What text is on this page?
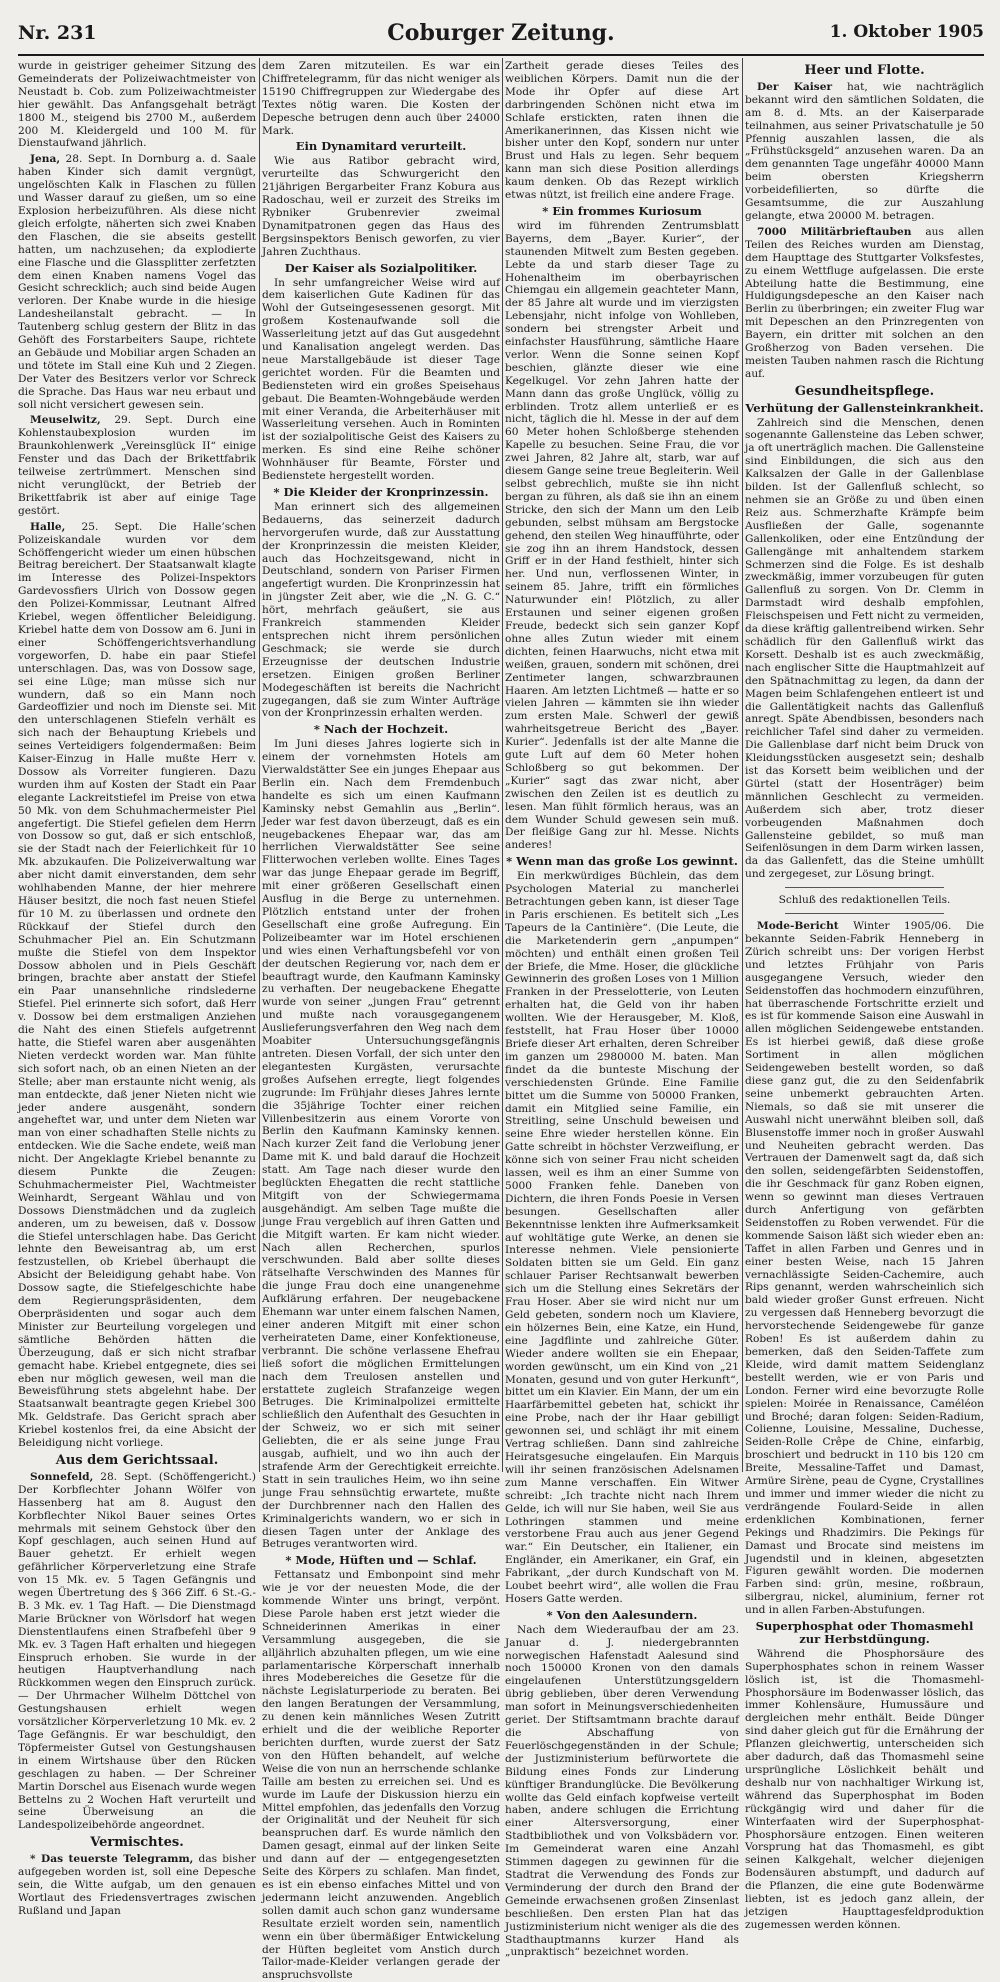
Nr. 231	Coburger Zeitung.	1. Oktober 1905

wurde in geistriger geheimer Sitzung des Gemeinderats der Polizeiwachtmeister von Neustadt b. Cob. zum Polizeiwachtmeister hier gewählt. Das Anfangsgehalt beträgt 1800 M., steigend bis 2700 M., außerdem 200 M. Kleidergeld und 100 M. für Dienstaufwand jährlich.

Jena, 28. Sept. In Dornburg a. d. Saale haben Kinder sich damit vergnügt, ungelöschten Kalk in Flaschen zu füllen und Wasser darauf zu gießen, um so eine Explosion herbeizuführen. Als diese nicht gleich erfolgte, näherten sich zwei Knaben den Flaschen, die sie abseits gestellt hatten, um nachzusehen; da explodierte eine Flasche und die Glassplitter zerfetzten dem einen Knaben namens Vogel das Gesicht schrecklich; auch sind beide Augen verloren. Der Knabe wurde in die hiesige Landesheilanstalt gebracht. — In Tautenberg schlug gestern der Blitz in das Gehöft des Forstarbeiters Saupe, richtete an Gebäude und Mobiliar argen Schaden an und tötete im Stall eine Kuh und 2 Ziegen. Der Vater des Besitzers verlor vor Schreck die Sprache. Das Haus war neu erbaut und soll nicht versichert gewesen sein.

Meuselwitz, 29. Sept. Durch eine Kohlenstaubexplosion wurden im Braunkohlenwerk „Vereinsglück II“ einige Fenster und das Dach der Brikettfabrik teilweise zertrümmert. Menschen sind nicht verunglückt, der Betrieb der Brikettfabrik ist aber auf einige Tage gestört.

Halle, 25. Sept. Die Halle’schen Polizeiskandale wurden vor dem Schöffengericht wieder um einen hübschen Beitrag bereichert. Der Staatsanwalt klagte im Interesse des Polizei-Inspektors Gardevossfiers Ulrich von Dossow gegen den Polizei-Kommissar, Leutnant Alfred Kriebel, wegen öffentlicher Beleidigung. Kriebel hatte dem von Dossow am 6. Juni in einer Schöffengerichtsverhandlung vorgeworfen, D. habe ein paar Stiefel unterschlagen. Das, was von Dossow sage, sei eine Lüge; man müsse sich nur wundern, daß so ein Mann noch Gardeoffizier und noch im Dienste sei. Mit den unterschlagenen Stiefeln verhält es sich nach der Behauptung Kriebels und seines Verteidigers folgendermaßen: Beim Kaiser-Einzug in Halle mußte Herr v. Dossow als Vorreiter fungieren. Dazu wurden ihm auf Kosten der Stadt ein Paar elegante Lackreitstiefel im Preise von etwa 50 Mk. von dem Schuhmachermeister Piel angefertigt. Die Stiefel gefielen dem Herrn von Dossow so gut, daß er sich entschloß, sie der Stadt nach der Feierlichkeit für 10 Mk. abzukaufen. Die Polizeiverwaltung war aber nicht damit einverstanden, dem sehr wohlhabenden Manne, der hier mehrere Häuser besitzt, die noch fast neuen Stiefel für 10 M. zu überlassen und ordnete den Rückkauf der Stiefel durch den Schuhmacher Piel an. Ein Schutzmann mußte die Stiefel von dem Inspektor Dossow abholen und in Piels Geschäft bringen, brachte aber anstatt der Stiefel ein Paar unansehnliche rindslederne Stiefel. Piel erinnerte sich sofort, daß Herr v. Dossow bei dem erstmaligen Anziehen die Naht des einen Stiefels aufgetrennt hatte, die Stiefel waren aber ausgenähten Nieten verdeckt worden war. Man fühlte sich sofort nach, ob an einen Nieten an der Stelle; aber man erstaunte nicht wenig, als man entdeckte, daß jener Nieten nicht wie jeder andere ausgenäht, sondern angeheftet war, und unter dem Nieten war man von einer schadhaften Stelle nichts zu entdecken. Wie die Sache endete, weiß man nicht. Der Angeklagte Kriebel benannte zu diesem Punkte die Zeugen: Schuhmachermeister Piel, Wachtmeister Weinhardt, Sergeant Wählau und von Dossows Dienstmädchen und da zugleich anderen, um zu beweisen, daß v. Dossow die Stiefel unterschlagen habe. Das Gericht lehnte den Beweisantrag ab, um erst festzustellen, ob Kriebel überhaupt die Absicht der Beleidigung gehabt habe. Von Dossow sagte, die Stiefelgeschichte habe dem Regierungspräsidenten, dem Oberpräsidenten und sogar auch dem Minister zur Beurteilung vorgelegen und sämtliche Behörden hätten die Überzeugung, daß er sich nicht strafbar gemacht habe. Kriebel entgegnete, dies sei eben nur möglich gewesen, weil man die Beweisführung stets abgelehnt habe. Der Staatsanwalt beantragte gegen Kriebel 300 Mk. Geldstrafe. Das Gericht sprach aber Kriebel kostenlos frei, da eine Absicht der Beleidigung nicht vorliege.

Aus dem Gerichtssaal.

Sonnefeld, 28. Sept. (Schöffengericht.) Der Korbflechter Johann Wölfer von Hassenberg hat am 8. August den Korbflechter Nikol Bauer seines Ortes mehrmals mit seinem Gehstock über den Kopf geschlagen, auch seinen Hund auf Bauer gehetzt. Er erhielt wegen gefährlicher Körperverletzung eine Strafe von 15 Mk. ev. 5 Tagen Gefängnis und wegen Übertretung des § 366 Ziff. 6 St.-G.-B. 3 Mk. ev. 1 Tag Haft. — Die Dienstmagd Marie Brückner von Wörlsdorf hat wegen Dienstentlaufens einen Strafbefehl über 9 Mk. ev. 3 Tagen Haft erhalten und hiegegen Einspruch erhoben. Sie wurde in der heutigen Hauptverhandlung nach Rückkommen wegen den Einspruch zurück. — Der Uhrmacher Wilhelm Döttchel von Gestungshausen erhielt wegen vorsätzlicher Körperverletzung 10 Mk. ev. 2 Tage Gefängnis. Er war beschuldigt, den Töpfermeister Gutsel von Gestungshausen in einem Wirtshause über den Rücken geschlagen zu haben. — Der Schreiner Martin Dorschel aus Eisenach wurde wegen Bettelns zu 2 Wochen Haft verurteilt und seine Überweisung an die Landespolizeibehörde angeordnet.

Vermischtes.

* Das teuerste Telegramm, das bisher aufgegeben worden ist, soll eine Depesche sein, die Witte aufgab, um den genauen Wortlaut des Friedensvertrages zwischen Rußland und Japan

dem Zaren mitzuteilen. Es war ein Chiffretelegramm, für das nicht weniger als 15190 Chiffregruppen zur Wiedergabe des Textes nötig waren. Die Kosten der Depesche betrugen denn auch über 24000 Mark.

Ein Dynamitard verurteilt.

Wie aus Ratibor gebracht wird, verurteilte das Schwurgericht den 21jährigen Bergarbeiter Franz Kobura aus Radoschau, weil er zurzeit des Streiks im Rybniker Grubenrevier zweimal Dynamitpatronen gegen das Haus des Bergsinspektors Benisch geworfen, zu vier Jahren Zuchthaus.

Der Kaiser als Sozialpolitiker.

In sehr umfangreicher Weise wird auf dem kaiserlichen Gute Kadinen für das Wohl der Gutseingesessenen gesorgt. Mit großem Kostenaufwande soll die Wasserleitung jetzt auf das Gut ausgedehnt und Kanalisation angelegt werden. Das neue Marstallgebäude ist dieser Tage gerichtet worden. Für die Beamten und Bediensteten wird ein großes Speisehaus gebaut. Die Beamten-Wohngebäude werden mit einer Veranda, die Arbeiterhäuser mit Wasserleitung versehen. Auch in Rominten ist der sozialpolitische Geist des Kaisers zu merken. Es sind eine Reihe schöner Wohnhäuser für Beamte, Förster und Bedienstete hergestellt worden.

* Die Kleider der Kronprinzessin.

Man erinnert sich des allgemeinen Bedauerns, das seinerzeit dadurch hervorgerufen wurde, daß zur Ausstattung der Kronprinzessin die meisten Kleider, auch das Hochzeitsgewand, nicht in Deutschland, sondern von Pariser Firmen angefertigt wurden. Die Kronprinzessin hat in jüngster Zeit aber, wie die „N. G. C.“ hört, mehrfach geäußert, sie aus Frankreich stammenden Kleider entsprechen nicht ihrem persönlichen Geschmack; sie werde sie durch Erzeugnisse der deutschen Industrie ersetzen. Einigen großen Berliner Modegeschäften ist bereits die Nachricht zugegangen, daß sie zum Winter Aufträge von der Kronprinzessin erhalten werden.

* Nach der Hochzeit.

Im Juni dieses Jahres logierte sich in einem der vornehmsten Hotels am Vierwaldstätter See ein junges Ehepaar aus Berlin ein. Nach dem Fremdenbuch handelte es sich um einen Kaufmann Kaminsky nebst Gemahlin aus „Berlin“. Jeder war fest davon überzeugt, daß es ein neugebackenes Ehepaar war, das am herrlichen Vierwaldstätter See seine Flitterwochen verleben wollte. Eines Tages war das junge Ehepaar gerade im Begriff, mit einer größeren Gesellschaft einen Ausflug in die Berge zu unternehmen. Plötzlich entstand unter der frohen Gesellschaft eine große Aufregung. Ein Polizeibeamter war im Hotel erschienen und wies einen Verhaftungsbefehl vor von der deutschen Regierung vor, nach dem er beauftragt wurde, den Kaufmann Kaminsky zu verhaften. Der neugebackene Ehegatte wurde von seiner „jungen Frau“ getrennt und mußte nach vorausgegangenem Auslieferungsverfahren den Weg nach dem Moabiter Untersuchungsgefängnis antreten. Diesen Vorfall, der sich unter den elegantesten Kurgästen, verursachte großes Aufsehen erregte, liegt folgendes zugrunde: Im Frühjahr dieses Jahres lernte die 35jährige Tochter einer reichen Villenbesitzerin aus einem Vororte von Berlin den Kaufmann Kaminsky kennen. Nach kurzer Zeit fand die Verlobung jener Dame mit K. und bald darauf die Hochzeit statt. Am Tage nach dieser wurde den beglückten Ehegatten die recht stattliche Mitgift von der Schwiegermama ausgehändigt. Am selben Tage mußte die junge Frau vergeblich auf ihren Gatten und die Mitgift warten. Er kam nicht wieder. Nach allen Recherchen, spurlos verschwunden. Bald aber sollte dieses rätselhafte Verschwinden des Mannes für die junge Frau doch eine unangenehme Aufklärung erfahren. Der neugebackene Ehemann war unter einem falschen Namen, einer anderen Mitgift mit einer schon verheirateten Dame, einer Konfektioneuse, verbrannt. Die schöne verlassene Ehefrau ließ sofort die möglichen Ermittelungen nach dem Treulosen anstellen und erstattete zugleich Strafanzeige wegen Betruges. Die Kriminalpolizei ermittelte schließlich den Aufenthalt des Gesuchten in der Schweiz, wo er sich mit seiner Geliebten, die er als seine junge Frau ausgab, aufhielt, und wo ihn auch der strafende Arm der Gerechtigkeit erreichte. Statt in sein trauliches Heim, wo ihn seine junge Frau sehnsüchtig erwartete, mußte der Durchbrenner nach den Hallen des Kriminalgerichts wandern, wo er sich in diesen Tagen unter der Anklage des Betruges verantworten wird.

* Mode, Hüften und — Schlaf.

Fettansatz und Embonpoint sind mehr wie je vor der neuesten Mode, die der kommende Winter uns bringt, verpönt. Diese Parole haben erst jetzt wieder die Schneiderinnen Amerikas in einer Versammlung ausgegeben, die sie alljährlich abzuhalten pflegen, um wie eine parlamentarische Körperschaft innerhalb ihres Modebereiches die Gesetze für die nächste Legislaturperiode zu beraten. Bei den langen Beratungen der Versammlung, zu denen kein männliches Wesen Zutritt erhielt und die der weibliche Reporter berichten durften, wurde zuerst der Satz von den Hüften behandelt, auf welche Weise die von nun an herrschende schlanke Taille am besten zu erreichen sei. Und es wurde im Laufe der Diskussion hierzu ein Mittel empfohlen, das jedenfalls den Vorzug der Originalität und der Neuheit für sich beanspruchen darf. Es wurde nämlich den Damen gesagt, einmal auf der linken Seite und dann auf der — entgegengesetzten Seite des Körpers zu schlafen. Man findet, es ist ein ebenso einfaches Mittel und von jedermann leicht anzuwenden. Angeblich sollen damit auch schon ganz wundersame Resultate erzielt worden sein, namentlich wenn ein über übermäßiger Entwickelung der Hüften begleitet vom Anstich durch Tailor-made-Kleider verlangen gerade der anspruchsvollste

Zartheit gerade dieses Teiles des weiblichen Körpers. Damit nun die der Mode ihr Opfer auf diese Art darbringenden Schönen nicht etwa im Schlafe erstickten, raten ihnen die Amerikanerinnen, das Kissen nicht wie bisher unter den Kopf, sondern nur unter Brust und Hals zu legen. Sehr bequem kann man sich diese Position allerdings kaum denken. Ob das Rezept wirklich etwas nützt, ist freilich eine andere Frage.

* Ein frommes Kuriosum

wird im führenden Zentrumsblatt Bayerns, dem „Bayer. Kurier“, der staunenden Mitwelt zum Besten gegeben. Lebte da und starb dieser Tage zu Hohenaltheim im oberbayrischen Chiemgau ein allgemein geachteter Mann, der 85 Jahre alt wurde und im vierzigsten Lebensjahr, nicht infolge von Wohlleben, sondern bei strengster Arbeit und einfachster Hausführung, sämtliche Haare verlor. Wenn die Sonne seinen Kopf beschien, glänzte dieser wie eine Kegelkugel. Vor zehn Jahren hatte der Mann dann das große Unglück, völlig zu erblinden. Trotz allem unterließ er es nicht, täglich die hl. Messe in der auf dem 60 Meter hohen Schloßberge stehenden Kapelle zu besuchen. Seine Frau, die vor zwei Jahren, 82 Jahre alt, starb, war auf diesem Gange seine treue Begleiterin. Weil selbst gebrechlich, mußte sie ihn nicht bergan zu führen, als daß sie ihn an einem Stricke, den sich der Mann um den Leib gebunden, selbst mühsam am Bergstocke gehend, den steilen Weg hinaufführte, oder sie zog ihn an ihrem Handstock, dessen Griff er in der Hand festhielt, hinter sich her. Und nun, verflossenen Winter, in seinem 85. Jahre, trifft ein förmliches Naturwunder ein! Plötzlich, zu aller Erstaunen und seiner eigenen großen Freude, bedeckt sich sein ganzer Kopf ohne alles Zutun wieder mit einem dichten, feinen Haarwuchs, nicht etwa mit weißen, grauen, sondern mit schönen, drei Zentimeter langen, schwarzbraunen Haaren. Am letzten Lichtmeß — hatte er so vielen Jahren — kämmten sie ihn wieder zum ersten Male. Schwerl der gewiß wahrheitsgetreue Bericht des „Bayer. Kurier“. Jedenfalls ist der alte Manne die gute Luft auf dem 60 Meter hohen Schloßberg so gut bekommen. Der „Kurier“ sagt das zwar nicht, aber zwischen den Zeilen ist es deutlich zu lesen. Man fühlt förmlich heraus, was an dem Wunder Schuld gewesen sein muß. Der fleißige Gang zur hl. Messe. Nichts anderes!

* Wenn man das große Los gewinnt.

Ein merkwürdiges Büchlein, das dem Psychologen Material zu mancherlei Betrachtungen geben kann, ist dieser Tage in Paris erschienen. Es betitelt sich „Les Tapeurs de la Cantinière“. (Die Leute, die die Marketenderin gern „anpumpen“ möchten) und enthält einen großen Teil der Briefe, die Mme. Hoser, die glückliche Gewinnerin des großen Loses von 1 Million Franken in der Presselotterie, von Leuten erhalten hat, die Geld von ihr haben wollten. Wie der Herausgeber, M. Kloß, feststellt, hat Frau Hoser über 10000 Briefe dieser Art erhalten, deren Schreiber im ganzen um 2980000 M. baten. Man findet da die bunteste Mischung der verschiedensten Gründe. Eine Familie bittet um die Summe von 50000 Franken, damit ein Mitglied seine Familie, ein Streitling, seine Unschuld beweisen und seine Ehre wieder herstellen könne. Ein Gatte schreibt in höchster Verzweiflung, er könne sich von seiner Frau nicht scheiden lassen, weil es ihm an einer Summe von 5000 Franken fehle. Daneben von Dichtern, die ihren Fonds Poesie in Versen besungen. Gesellschaften aller Bekenntnisse lenkten ihre Aufmerksamkeit auf wohltätige gute Werke, an denen sie Interesse nehmen. Viele pensionierte Soldaten bitten sie um Geld. Ein ganz schlauer Pariser Rechtsanwalt bewerben sich um die Stellung eines Sekretärs der Frau Hoser. Aber sie wird nicht nur um Geld gebeten, sondern noch um Klaviere, ein hölzernes Bein, eine Katze, ein Hund, eine Jagdflinte und zahlreiche Güter. Wieder andere wollten sie ein Ehepaar, worden gewünscht, um ein Kind von „21 Monaten, gesund und von guter Herkunft“, bittet um ein Klavier. Ein Mann, der um ein Haarfärbemittel gebeten hat, schickt ihr eine Probe, nach der ihr Haar gebilligt gewonnen sei, und schlägt ihr mit einem Vertrag schließen. Dann sind zahlreiche Heiratsgesuche eingelaufen. Ein Marquis will ihr seinen französischen Adelsnamen zum Manne verschaffen. Ein Witwer schreibt: „Ich trachte nicht nach Ihrem Gelde, ich will nur Sie haben, weil Sie aus Lothringen stammen und meine verstorbene Frau auch aus jener Gegend war.“ Ein Deutscher, ein Italiener, ein Engländer, ein Amerikaner, ein Graf, ein Fabrikant, „der durch Kundschaft von M. Loubet beehrt wird“, alle wollen die Frau Hosers Gatte werden.

* Von den Aalesundern.

Nach dem Wiederaufbau der am 23. Januar d. J. niedergebrannten norwegischen Hafenstadt Aalesund sind noch 150000 Kronen von den damals eingelaufenen Unterstützungsgeldern übrig geblieben, über deren Verwendung man sofort in Meinungsverschiedenheiten geriet. Der Stiftsamtmann brachte darauf die Abschaffung von Feuerlöschgegenständen in der Schule; der Justizministerium befürwortete die Bildung eines Fonds zur Linderung künftiger Brandunglücke. Die Bevölkerung wollte das Geld einfach kopfweise verteilt haben, andere schlugen die Errichtung einer Altersversorgung, einer Stadtbibliothek und von Volksbädern vor. Im Gemeinderat waren eine Anzahl Stimmen dagegen zu gewinnen für die Stadtrat die Verwendung des Fonds zur Verminderung der durch den Brand der Gemeinde erwachsenen großen Zinsenlast beschließen. Den ersten Plan hat das Justizministerium nicht weniger als die des Stadthauptmanns kurzer Hand als „unpraktisch“ bezeichnet worden.

Heer und Flotte.

Der Kaiser hat, wie nachträglich bekannt wird den sämtlichen Soldaten, die am 8. d. Mts. an der Kaiserparade teilnahmen, aus seiner Privatschatulle je 50 Pfennig auszahlen lassen, die als „Frühstücksgeld“ anzusehen waren. Da an dem genannten Tage ungefähr 40000 Mann beim obersten Kriegsherrn vorbeidefilierten, so dürfte die Gesamtsumme, die zur Auszahlung gelangte, etwa 20000 M. betragen.

7000 Militärbrieftauben aus allen Teilen des Reiches wurden am Dienstag, dem Haupttage des Stuttgarter Volksfestes, zu einem Wettfluge aufgelassen. Die erste Abteilung hatte die Bestimmung, eine Huldigungsdepesche an den Kaiser nach Berlin zu überbringen; ein zweiter Flug war mit Depeschen an den Prinzregenten von Bayern, ein dritter mit solchen an den Großherzog von Baden versehen. Die meisten Tauben nahmen rasch die Richtung auf.

Gesundheitspflege.
Verhütung der Gallensteinkrankheit.

Zahlreich sind die Menschen, denen sogenannte Gallensteine das Leben schwer, ja oft unerträglich machen. Die Gallensteine sind Einbildungen, die sich aus den Kalksalzen der Galle in der Gallenblase bilden. Ist der Gallenfluß schlecht, so nehmen sie an Größe zu und üben einen Reiz aus. Schmerzhafte Krämpfe beim Ausfließen der Galle, sogenannte Gallenkoliken, oder eine Entzündung der Gallengänge mit anhaltendem starkem Schmerzen sind die Folge. Es ist deshalb zweckmäßig, immer vorzubeugen für guten Gallenfluß zu sorgen. Von Dr. Clemm in Darmstadt wird deshalb empfohlen, Fleischspeisen und Fett nicht zu vermeiden, da diese kräftig gallentreibend wirken. Sehr schädlich für den Gallenfluß wirkt das Korsett. Deshalb ist es auch zweckmäßig, nach englischer Sitte die Hauptmahlzeit auf den Spätnachmittag zu legen, da dann der Magen beim Schlafengehen entleert ist und die Gallentätigkeit nachts das Gallenfluß anregt. Späte Abendbissen, besonders nach reichlicher Tafel sind daher zu vermeiden. Die Gallenblase darf nicht beim Druck von Kleidungsstücken ausgesetzt sein; deshalb ist das Korsett beim weiblichen und der Gürtel (statt der Hosenträger) beim männlichen Geschlecht zu vermeiden. Außerdem sich aber, trotz dieser vorbeugenden Maßnahmen doch Gallensteine gebildet, so muß man Seifenlösungen in dem Darm wirken lassen, da das Gallenfett, das die Steine umhüllt und zergegeset, zur Lösung bringt.

Schluß des redaktionellen Teils.

Mode-Bericht Winter 1905/06. Die bekannte Seiden-Fabrik Henneberg in Zürich schreibt uns: Der vorigen Herbst und letztes Frühjahr von Paris ausgegangene Versuch, wieder den Seidenstoffen das hochmodern einzuführen, hat überraschende Fortschritte erzielt und es ist für kommende Saison eine Auswahl in allen möglichen Seidengewebe entstanden. Es ist hierbei gewiß, daß diese große Sortiment in allen möglichen Seidengeweben bestellt worden, so daß diese ganz gut, die zu den Seidenfabrik seine unbemerkt gebrauchten Arten. Niemals, so daß sie mit unserer die Auswahl nicht unerwähnt bleiben soll, daß Blusenstoffe immer noch in großer Auswahl und Neuheiten gebracht werden. Das Vertrauen der Damenwelt sagt da, daß sich den sollen, seidengefärbten Seidenstoffen, die ihr Geschmack für ganz Roben eignen, wenn so gewinnt man dieses Vertrauen durch Anfertigung von gefärbten Seidenstoffen zu Roben verwendet. Für die kommende Saison läßt sich wieder eben an: Taffet in allen Farben und Genres und in einer besten Weise, nach 15 Jahren vernachlässigte Seiden-Cachemire, auch Rips genannt, werden wahrscheinlich sich bald wieder großer Gunst erfreuen. Nicht zu vergessen daß Henneberg bevorzugt die hervorstechende Seidengewebe für ganze Roben! Es ist außerdem dahin zu bemerken, daß den Seiden-Taffete zum Kleide, wird damit mattem Seidenglanz bestellt werden, wie er von Paris und London. Ferner wird eine bevorzugte Rolle spielen: Moirée in Renaissance, Caméléon und Broché; daran folgen: Seiden-Radium, Colienne, Louisine, Messaline, Duchesse, Seiden-Rolle Crêpe de Chine, einfarbig, broschiert und bedruckt in 110 bis 120 cm Breite, Messaline-Taffet und Damast, Armüre Sirène, peau de Cygne, Crystallines und immer und immer wieder die nicht zu verdrängende Foulard-Seide in allen erdenklichen Kombinationen, ferner Pekings und Rhadzimirs. Die Pekings für Damast und Brocate sind meistens im Jugendstil und in kleinen, abgesetzten Figuren gewählt worden. Die modernen Farben sind: grün, mesine, roßbraun, silbergrau, nickel, aluminium, ferner rot und in allen Farben-Abstufungen.

Superphosphat oder Thomasmehl zur Herbstdüngung.

Während die Phosphorsäure des Superphosphates schon in reinem Wasser löslich ist, ist die Thomasmehl-Phosphorsäure im Bodenwasser löslich, das immer Kohlensäure, Humussäure und dergleichen mehr enthält. Beide Dünger sind daher gleich gut für die Ernährung der Pflanzen gleichwertig, unterscheiden sich aber dadurch, daß das Thomasmehl seine ursprüngliche Löslichkeit behält und deshalb nur von nachhaltiger Wirkung ist, während das Superphosphat im Boden rückgängig wird und daher für die Winterfaaten wird der Superphosphat-Phosphorsäure entzogen. Einen weiteren Vorsprung hat das Thomasmehl, es gibt seinen Kalkgehalt, welcher diejenigen Bodensäuren abstumpft, und dadurch auf die Pflanzen, die eine gute Bodenwärme liebten, ist es jedoch ganz allein, der jetzigen Haupttagesfeldproduktion zugemessen werden können.
